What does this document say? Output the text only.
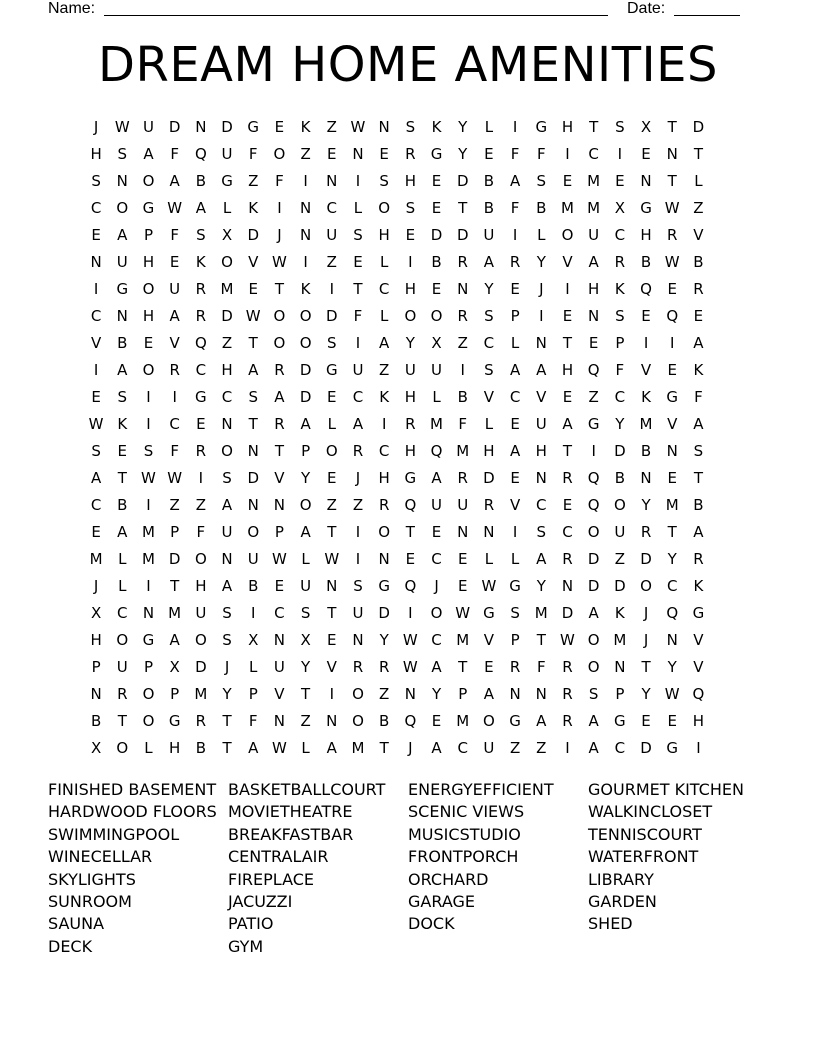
Name:	Date:
DREAM HOME AMENITIES
J	W U D N D G	E	K	Z W N	S	K	Y	L	I	G H	T	S	X	T	D
H	S	A	F	Q U	F	O	Z	E	N	E	R	G	Y	E	F	F	I	C	I	E	N	T
S	N O	A	B	G	Z	F	I	N	I	S	H	E	D	B	A	S	E M E	N	T	L
C	O G W A	L	K	I	N	C	L	O	S	E	T	B	F	B M M X	G W Z
E	A	P	F	S	X	D	J	N	U	S	H	E	D D U	I	L	O U	C	H	R	V
N	U	H	E	K	O	V W	I	Z	E	L	I	B	R	A	R	Y	V	A	R	B W B
I	G O U	R M E	T	K	I	T	C	H	E	N	Y	E	J	I	H	K	Q	E	R
C	N H	A	R	D W O O D	F	L	O O	R	S	P	I	E	N	S	E	Q	E
V	B	E	V	Q	Z	T	O O	S	I	A	Y	X	Z	C	L	N	T	E	P	I	I	A
I	A	O	R	C	H	A	R	D G U	Z	U	U	I	S	A	A	H Q	F	V	E	K
E	S	I	I	G	C	S	A	D	E	C	K	H	L	B	V	C	V	E	Z	C	K	G	F
W K	I	C	E	N	T	R	A	L	A	I	R M	F	L	E	U	A	G	Y	M V	A
S	E	S	F	R	O N	T	P	O	R	C	H Q M H	A	H	T	I	D	B	N	S
A	T W W	I	S	D	V	Y	E	J	H G	A	R	D	E	N	R	Q	B	N	E	T
C	B	I	Z	Z	A	N N O	Z	Z	R	Q U	U	R	V	C	E	Q O	Y	M B
E	A M	P	F	U O	P	A	T	I	O	T	E	N N	I	S	C	O U	R	T	A
M	L	M D O N	U W L W	I	N	E	C	E	L	L	A	R	D	Z	D	Y	R
J	L	I	T	H	A	B	E	U	N	S	G Q	J	E W G	Y	N D D O	C	K
X	C	N M U	S	I	C	S	T	U D	I	O W G	S M D	A	K	J	Q G
H O G	A	O	S	X	N	X	E	N	Y W C M V	P	T W O M	J	N	V
P	U	P	X	D	J	L	U	Y	V	R	R W A	T	E	R	F	R	O N	T	Y	V
N	R	O	P	M	Y	P	V	T	I	O	Z	N	Y	P	A	N N	R	S	P	Y W Q
B	T	O G	R	T	F	N	Z	N O	B	Q	E M O G	A	R	A	G	E	E	H
X	O	L	H	B	T	A W L	A M	T	J	A	C	U	Z	Z	I	A	C	D G	I
FINISHED BASEMENT
HARDWOOD FLOORS
SWIMMINGPOOL
WINECELLAR
SKYLIGHTS
SUNROOM
SAUNA
DECK
BASKETBALLCOURT
MOVIETHEATRE
BREAKFASTBAR
CENTRALAIR
FIREPLACE
JACUZZI
PATIO
GYM
ENERGYEFFICIENT
SCENIC VIEWS
MUSICSTUDIO
FRONTPORCH
ORCHARD
GARAGE
DOCK
GOURMET KITCHEN
WALKINCLOSET
TENNISCOURT
WATERFRONT
LIBRARY
GARDEN
SHED
